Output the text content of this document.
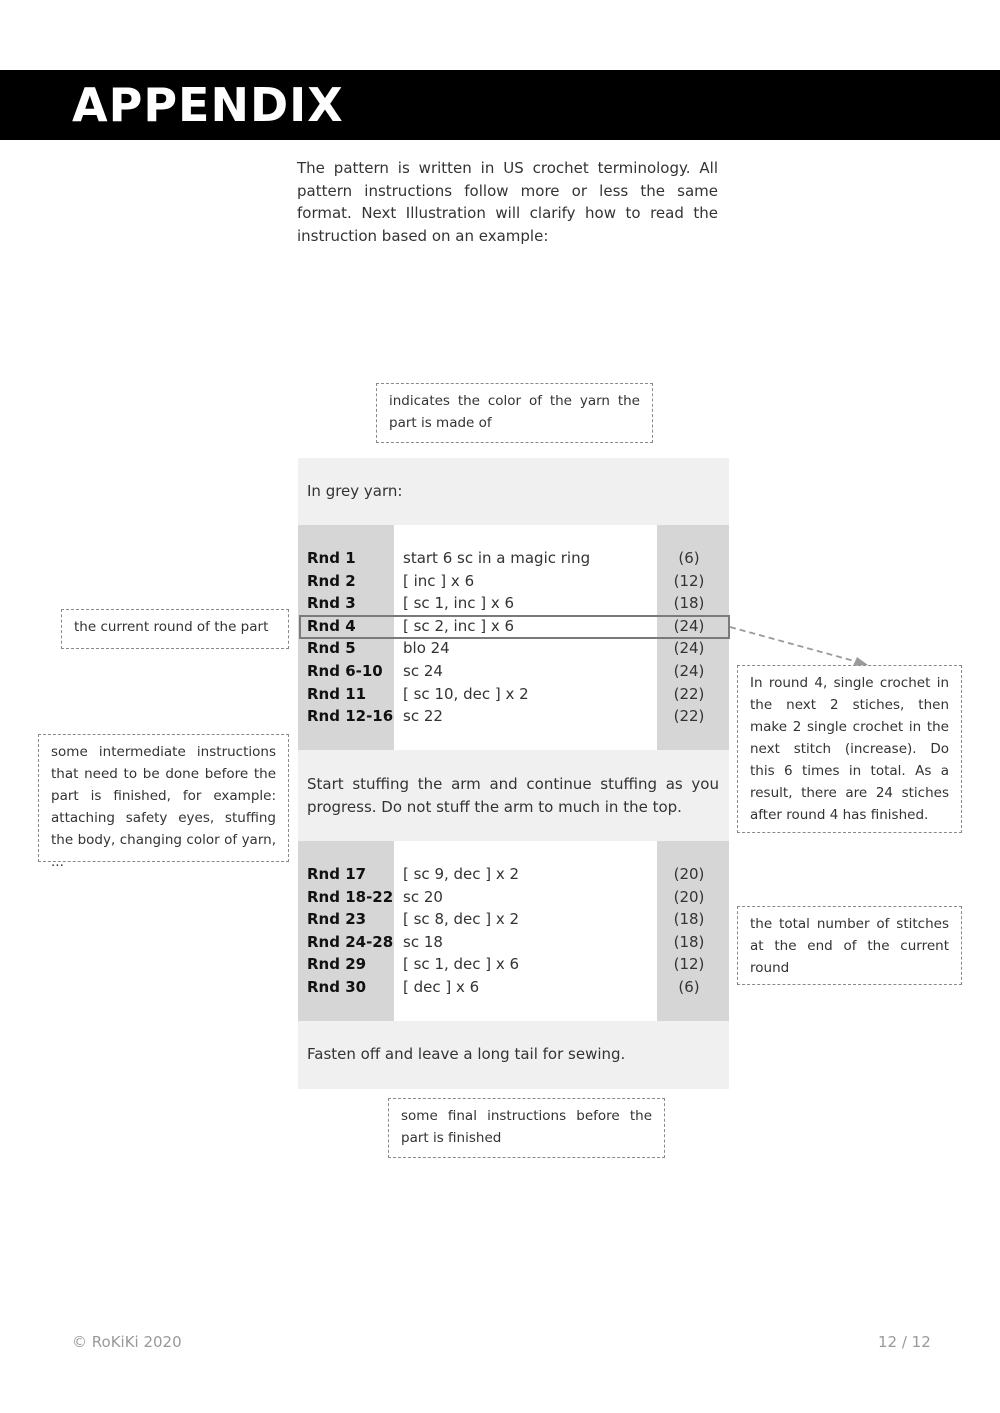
APPENDIX
The pattern is written in US crochet terminology. All pattern instructions follow more or less the same format. Next Illustration will clarify how to read the instruction based on an example:
indicates the color of the yarn the part is made of
the current round of the part
some intermediate instructions that need to be done before the part is finished, for example: attaching safety eyes, stuffing the body, changing color of yarn, ...
In round 4, single crochet in the next 2 stiches, then make 2 single crochet in the next stitch (increase). Do this 6 times in total. As a result, there are 24 stiches after round 4 has finished.
the total number of stitches at the end of the current round
some final instructions before the part is finished
In grey yarn:
Rnd 1	start 6 sc in a magic ring	(6)
Rnd 2	[ inc ] x 6	(12)
Rnd 3	[ sc 1, inc ] x 6	(18)
Rnd 4	[ sc 2, inc ] x 6	(24)
Rnd 5	blo 24	(24)
Rnd 6-10 sc 24	(24)
Rnd 11 [ sc 10, dec ] x 2	(22)
Rnd 12-16 sc 22	(22)
Start stuffing the arm and continue stuffing as you progress. Do not stuff the arm to much in the top.
Rnd 17 [ sc 9, dec ] x 2	(20)
Rnd 18-22 sc 20	(20)
Rnd 23 [ sc 8, dec ] x 2	(18)
Rnd 24-28 sc 18	(18)
Rnd 29 [ sc 1, dec ] x 6	(12)
Rnd 30 [ dec ] x 6	(6)
Fasten off and leave a long tail for sewing.
© RoKiKi 2020	12 / 12
